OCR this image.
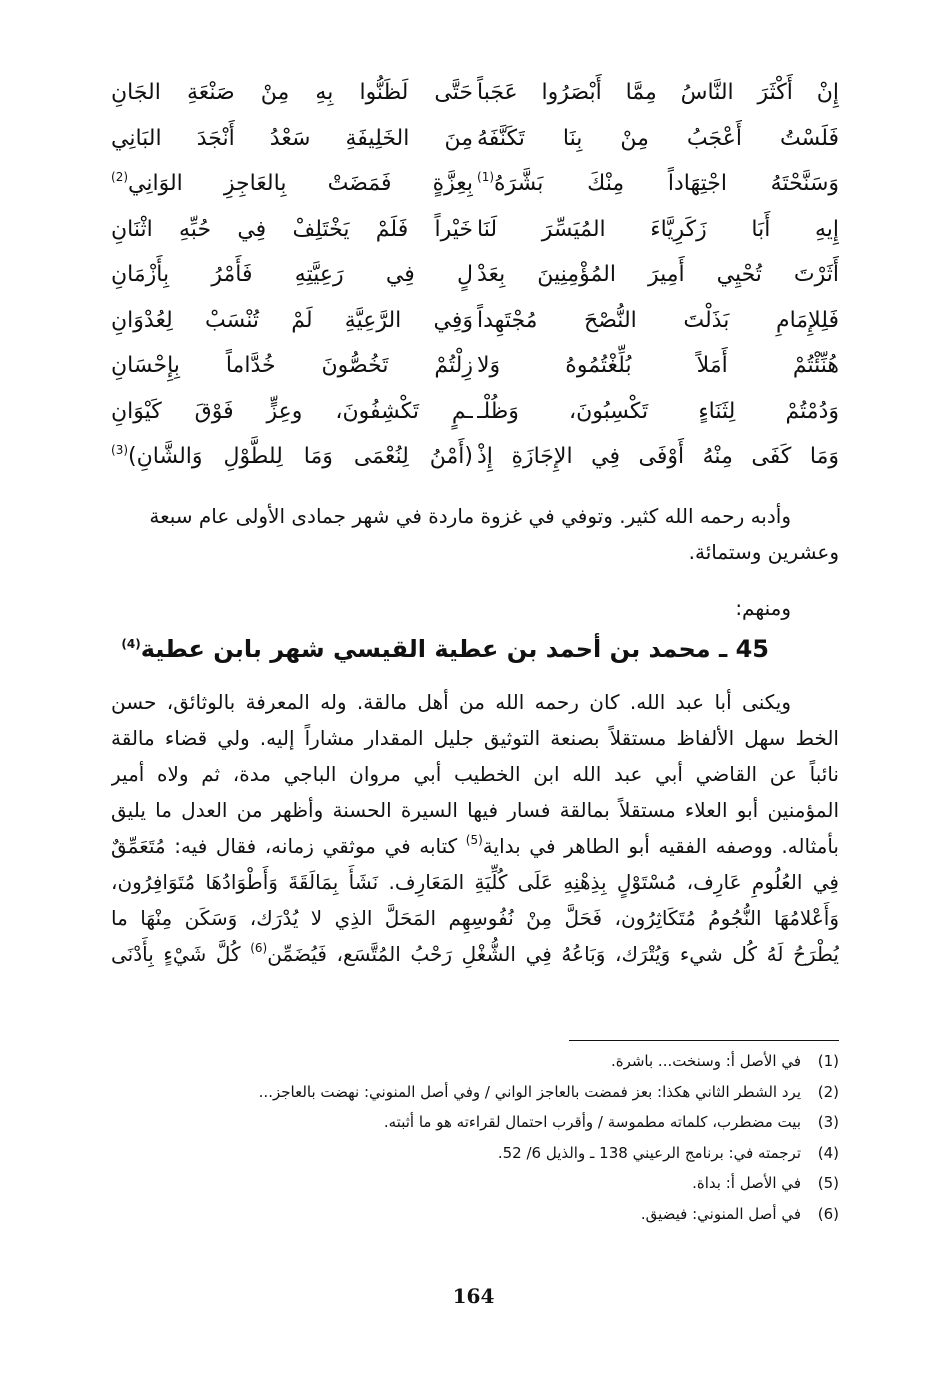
إِنْ أَكْثَرَ النَّاسُ مِمَّا أَبْصَرُوا عَجَباً
حَتَّى لَظَنُّوا بِهِ مِنْ صَنْعَةِ الجَانِ
فَلَسْتُ أَعْجَبُ مِنْ بِنَا تَكَنَّفَهُ
مِنَ الخَلِيفَةِ سَعْدُ أَنْجَدَ البَانِي
وَسَنَّحْتَهُ اجْتِهَاداً مِنْكَ بَشَّرَهُ$^{(1)}$
بِعِزَّةٍ فَمَضَتْ بِالعَاجِزِ الوَانِي$^{(2)}$
إِيهِ أَبَا زَكَرِيَّاءَ المُيَسِّرَ لَنَا
خَيْراً فَلَمْ يَخْتَلِفْ فِي حُبِّهِ اثْنَانِ
أَثَرْتَ تُحْيِي أَمِيرَ المُؤْمِنِينَ بِعَدْ
لٍ فِي رَعِيَّتِهِ فَأَمْرُ بِأَزْمَانِ
فَلِلإِمَامِ بَذَلْتَ النُّصْحَ مُجْتَهِداً
وَفِي الرَّعِيَّةِ لَمْ تُنْسَبْ لِعُدْوَانِ
هُنِّئْتُمْ أَمَلاً بُلِّغْتُمُوهُ وَلا
زِلْتُمْ تَخُصُّونَ خُدَّاماً بِإِحْسَانِ
وَدُمْتُمْ لِثَنَاءٍ تَكْسِبُونَ، وَظُلْـ
ـمٍ تَكْشِفُونَ، وعِزٍّ فَوْقَ كَيْوَانِ
وَمَا كَفَى مِنْهُ أَوْفَى فِي الإِجَازَةِ إِذْ
(أَمْنُ لِنُعْمَى وَمَا لِلطَّوْلِ وَالشَّانِ)$^{(3)}$
وأدبه رحمه الله كثير. وتوفي في غزوة ماردة في شهر جمادى الأولى عام سبعة
وعشرين وستمائة.
ومنهم:
45 ـ محمد بن أحمد بن عطية القيسي شهر بابن عطية$^{(4)}$
ويكنى أبا عبد الله. كان رحمه الله من أهل مالقة. وله المعرفة بالوثائق، حسن
الخط سهل الألفاظ مستقلاً بصنعة التوثيق جليل المقدار مشاراً إليه. ولي قضاء مالقة
نائباً عن القاضي أبي عبد الله ابن الخطيب أبي مروان الباجي مدة، ثم ولاه أمير
المؤمنين أبو العلاء مستقلاً بمالقة فسار فيها السيرة الحسنة وأظهر من العدل ما يليق
بأمثاله. ووصفه الفقيه أبو الطاهر في بداية$^{(5)}$ كتابه في موثقي زمانه، فقال فيه: مُتَعَمِّقٌ
فِي العُلُومِ عَارِف، مُسْتَوْلٍ بِذِهْنِهِ عَلَى كُلِّيَةِ المَعَارِف. نَشَأَ بِمَالَقَةَ وَأَطْوَادُهَا مُتَوَافِرُون،
وَأَعْلامُهَا النُّجُومُ مُتَكَاثِرُون، فَحَلَّ مِنْ نُفُوسِهِم المَحَلَّ الذِي لا يُدْرَك، وَسَكَن مِنْهَا ما
يُطْرَحُ لَهُ كُل شيء وَيُتْرَك، وَبَاعُهُ فِي الشُّغْلِ رَحْبُ المُتَّسَع، فَيُضَمِّن$^{(6)}$ كُلَّ شَيْءٍ بِأَدْنَى
(1)
في الأصل أ: وسنخت... باشرة.
(2)
يرد الشطر الثاني هكذا: بعز فمضت بالعاجز الواني / وفي أصل المنوني: نهضت بالعاجز...
(3)
بيت مضطرب، كلماته مطموسة / وأقرب احتمال لقراءته هو ما أثبته.
(4)
ترجمته في: برنامج الرعيني 138 ـ والذيل 6/ 52.
(5)
في الأصل أ: بداة.
(6)
في أصل المنوني: فيضيق.
164
